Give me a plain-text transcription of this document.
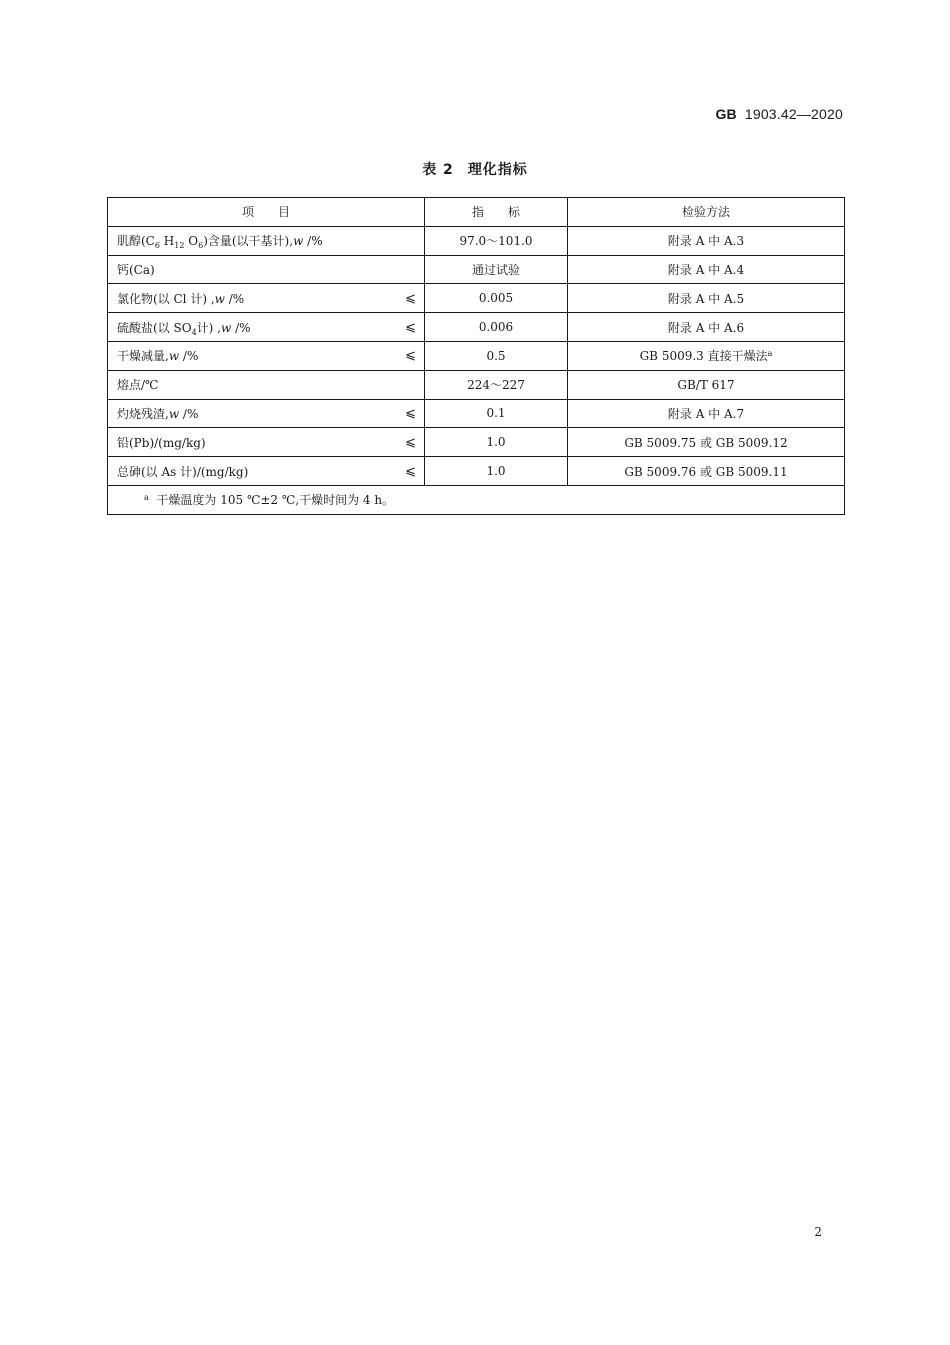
GB 1903.42—2020
表 2 理化指标
项　　目	指　　标	检验方法

肌醇($C_6$ $H_{12}$ $O_6$)含量(以干基计),w /%	97.0～101.0	附录 A 中 A.3

钙(Ca)	通过试验	附录 A 中 A.4

氯化物(以 Cl 计) ,w /% ⩽	0.005	附录 A 中 A.5

硫酸盐(以 $SO_4$计) ,w /% ⩽	0.006	附录 A 中 A.6

干燥减量,w /% ⩽	0.5	GB 5009.3 直接干燥法$^a$

熔点/℃	224～227	GB/T 617

灼烧残渣,w /% ⩽	0.1	附录 A 中 A.7

铅(Pb)/(mg/kg) ⩽	1.0	GB 5009.75 或 GB 5009.12

总砷(以 As 计)/(mg/kg) ⩽	1.0	GB 5009.76 或 GB 5009.11
$^a$ 干燥温度为 105 ℃±2 ℃,干燥时间为 4 h。		
2
